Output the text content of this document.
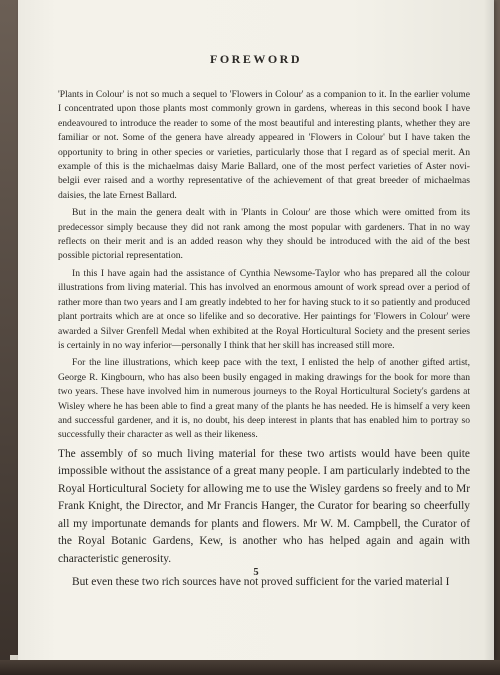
FOREWORD

'Plants in Colour' is not so much a sequel to 'Flowers in Colour' as a companion to it. In the earlier volume I concentrated upon those plants most commonly grown in gardens, whereas in this second book I have endeavoured to introduce the reader to some of the most beautiful and interesting plants, whether they are familiar or not. Some of the genera have already appeared in 'Flowers in Colour' but I have taken the opportunity to bring in other species or varieties, particularly those that I regard as of special merit. An example of this is the michaelmas daisy Marie Ballard, one of the most perfect varieties of Aster novi-belgii ever raised and a worthy representative of the achievement of that great breeder of michaelmas daisies, the late Ernest Ballard.

But in the main the genera dealt with in 'Plants in Colour' are those which were omitted from its predecessor simply because they did not rank among the most popular with gardeners. That in no way reflects on their merit and is an added reason why they should be introduced with the aid of the best possible pictorial representation.

In this I have again had the assistance of Cynthia Newsome-Taylor who has prepared all the colour illustrations from living material. This has involved an enormous amount of work spread over a period of rather more than two years and I am greatly indebted to her for having stuck to it so patiently and produced plant portraits which are at once so lifelike and so decorative. Her paintings for 'Flowers in Colour' were awarded a Silver Grenfell Medal when exhibited at the Royal Horticultural Society and the present series is certainly in no way inferior—personally I think that her skill has increased still more.

For the line illustrations, which keep pace with the text, I enlisted the help of another gifted artist, George R. Kingbourn, who has also been busily engaged in making drawings for the book for more than two years. These have involved him in numerous journeys to the Royal Horticultural Society's gardens at Wisley where he has been able to find a great many of the plants he has needed. He is himself a very keen and successful gardener, and it is, no doubt, his deep interest in plants that has enabled him to portray so successfully their character as well as their likeness.

The assembly of so much living material for these two artists would have been quite impossible without the assistance of a great many people. I am particularly indebted to the Royal Horticultural Society for allowing me to use the Wisley gardens so freely and to Mr Frank Knight, the Director, and Mr Francis Hanger, the Curator for bearing so cheerfully all my importunate demands for plants and flowers. Mr W. M. Campbell, the Curator of the Royal Botanic Gardens, Kew, is another who has helped again and again with characteristic generosity.

But even these two rich sources have not proved sufficient for the varied material I

5
